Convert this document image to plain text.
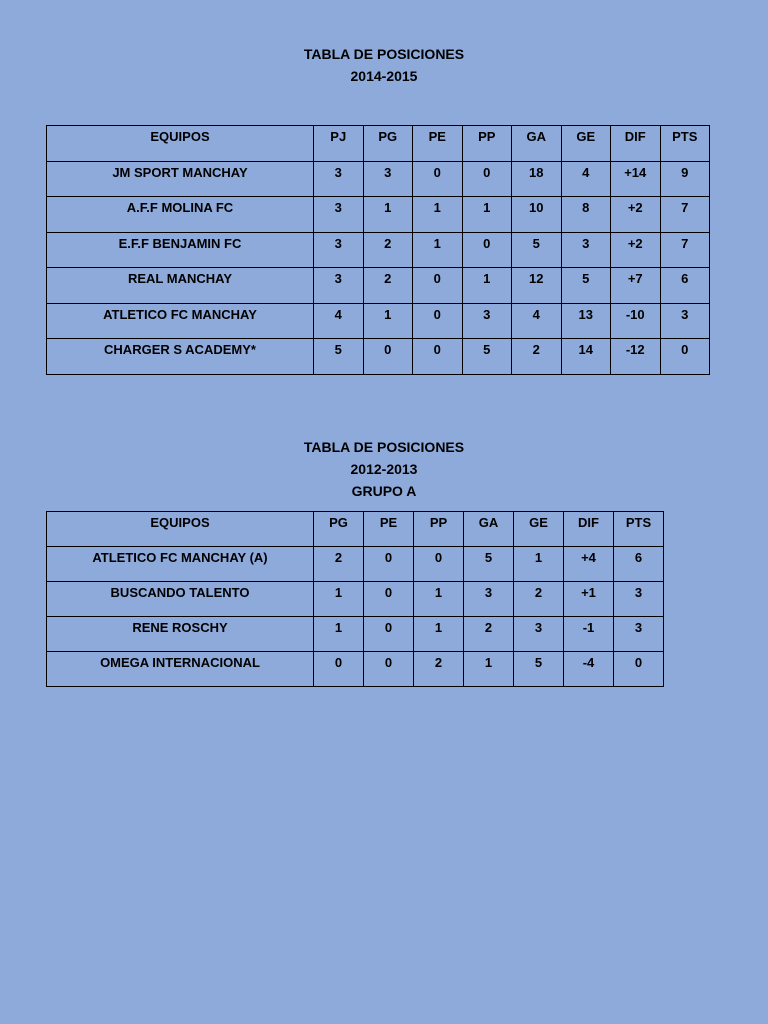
TABLA DE POSICIONES
2014-2015
EQUIPOS	PJ	PG	PE	PP	GA	GE	DIF	PTS
JM SPORT MANCHAY	3	3	0	0	18	4	+14	9
A.F.F MOLINA FC	3	1	1	1	10	8	+2	7
E.F.F BENJAMIN FC	3	2	1	0	5	3	+2	7
REAL MANCHAY	3	2	0	1	12	5	+7	6
ATLETICO FC MANCHAY	4	1	0	3	4	13	-10	3
CHARGER S ACADEMY*	5	0	0	5	2	14	-12	0
TABLA DE POSICIONES
2012-2013
GRUPO A
EQUIPOS	PG	PE	PP	GA	GE	DIF	PTS
ATLETICO FC MANCHAY (A)	2	0	0	5	1	+4	6
BUSCANDO TALENTO	1	0	1	3	2	+1	3
RENE ROSCHY	1	0	1	2	3	-1	3
OMEGA INTERNACIONAL	0	0	2	1	5	-4	0
